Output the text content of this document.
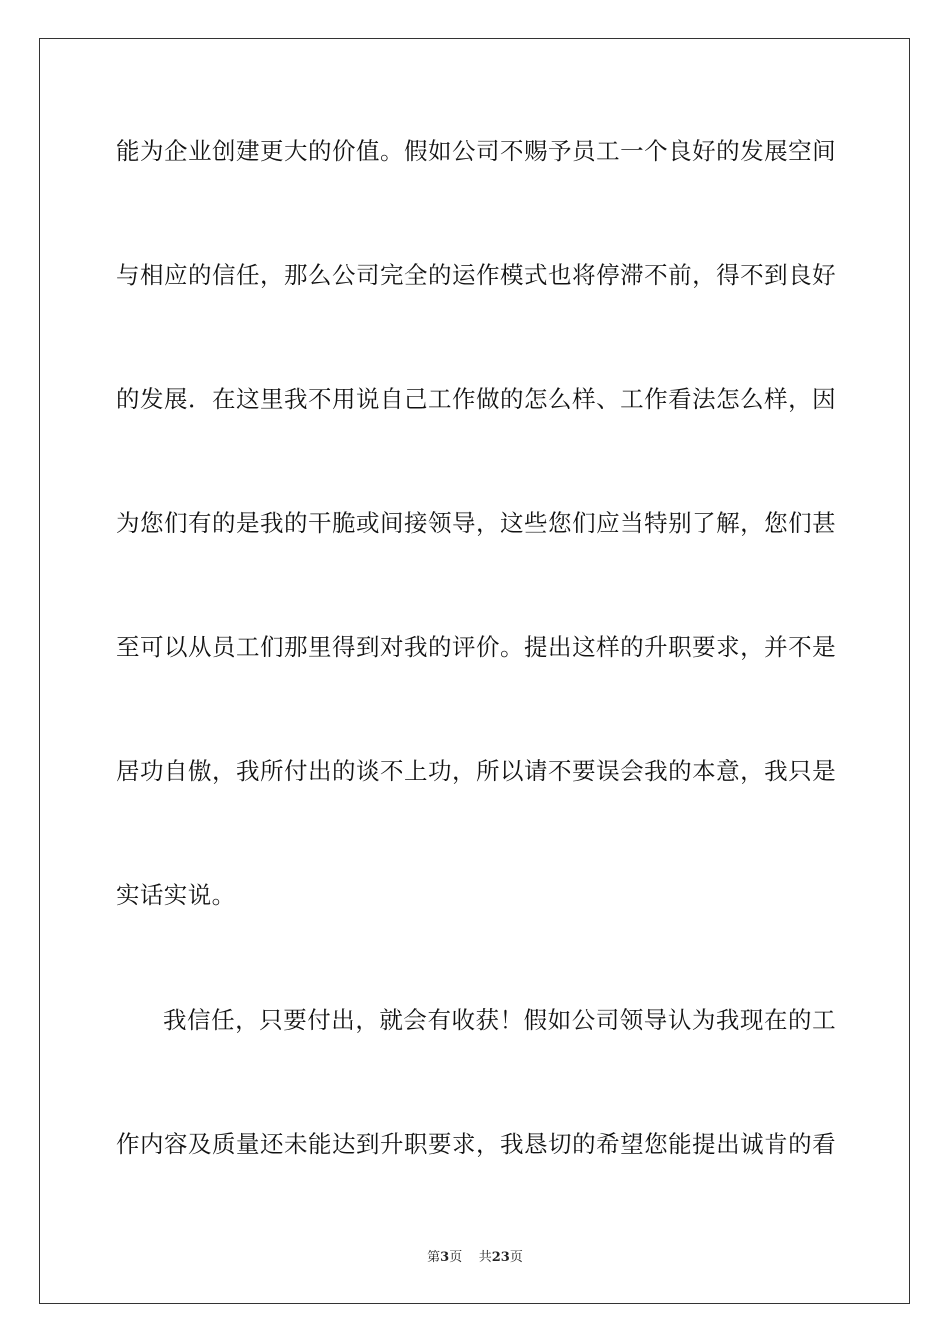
能为企业创建更大的价值。假如公司不赐予员工一个良好的发展空间
与相应的信任，那么公司完全的运作模式也将停滞不前，得不到良好
的发展．在这里我不用说自己工作做的怎么样、工作看法怎么样，因
为您们有的是我的干脆或间接领导，这些您们应当特别了解，您们甚
至可以从员工们那里得到对我的评价。提出这样的升职要求，并不是
居功自傲，我所付出的谈不上功，所以请不要误会我的本意，我只是
实话实说。
我信任，只要付出，就会有收获！假如公司领导认为我现在的工
作内容及质量还未能达到升职要求，我恳切的希望您能提出诚肯的看
第3页 共23页
